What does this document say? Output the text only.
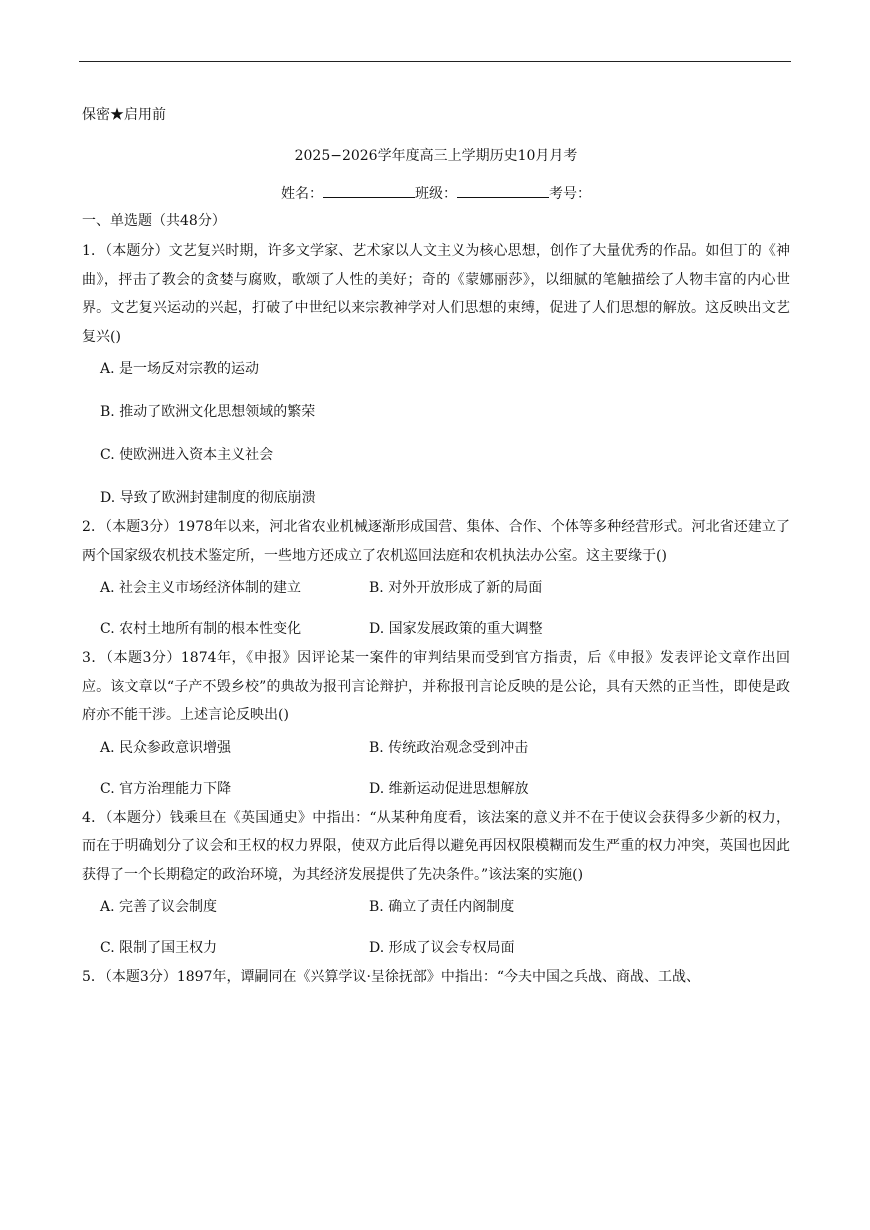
保密★启用前
2025−2026学年度高三上学期历史10月月考
姓名：	班级：	考号：
一、单选题（共48分）
1．（本题分）文艺复兴时期，许多文学家、艺术家以人文主义为核心思想，创作了大量优秀的作品。如但丁的《神曲》，抨击了教会的贪婪与腐败，歌颂了人性的美好；奇的《蒙娜丽莎》，以细腻的笔触描绘了人物丰富的内心世界。文艺复兴运动的兴起，打破了中世纪以来宗教神学对人们思想的束缚，促进了人们思想的解放。这反映出文艺复兴()
A. 是一场反对宗教的运动
B. 推动了欧洲文化思想领域的繁荣
C. 使欧洲进入资本主义社会
D. 导致了欧洲封建制度的彻底崩溃
2．（本题3分）1978年以来，河北省农业机械逐渐形成国营、集体、合作、个体等多种经营形式。河北省还建立了两个国家级农机技术鉴定所，一些地方还成立了农机巡回法庭和农机执法办公室。这主要缘于()
A. 社会主义市场经济体制的建立	B. 对外开放形成了新的局面
C. 农村土地所有制的根本性变化	D. 国家发展政策的重大调整
3．（本题3分）1874年，《申报》因评论某一案件的审判结果而受到官方指责，后《申报》发表评论文章作出回应。该文章以“子产不毁乡校”的典故为报刊言论辩护，并称报刊言论反映的是公论，具有天然的正当性，即使是政府亦不能干涉。上述言论反映出()
A. 民众参政意识增强	B. 传统政治观念受到冲击
C. 官方治理能力下降	D. 维新运动促进思想解放
4．（本题分）钱乘旦在《英国通史》中指出：“从某种角度看，该法案的意义并不在于使议会获得多少新的权力，而在于明确划分了议会和王权的权力界限，使双方此后得以避免再因权限模糊而发生严重的权力冲突，英国也因此获得了一个长期稳定的政治环境，为其经济发展提供了先决条件。”该法案的实施()
A. 完善了议会制度	B. 确立了责任内阁制度
C. 限制了国王权力	D. 形成了议会专权局面
5．（本题3分）1897年，谭嗣同在《兴算学议·呈徐抚部》中指出：“今夫中国之兵战、商战、工战、
